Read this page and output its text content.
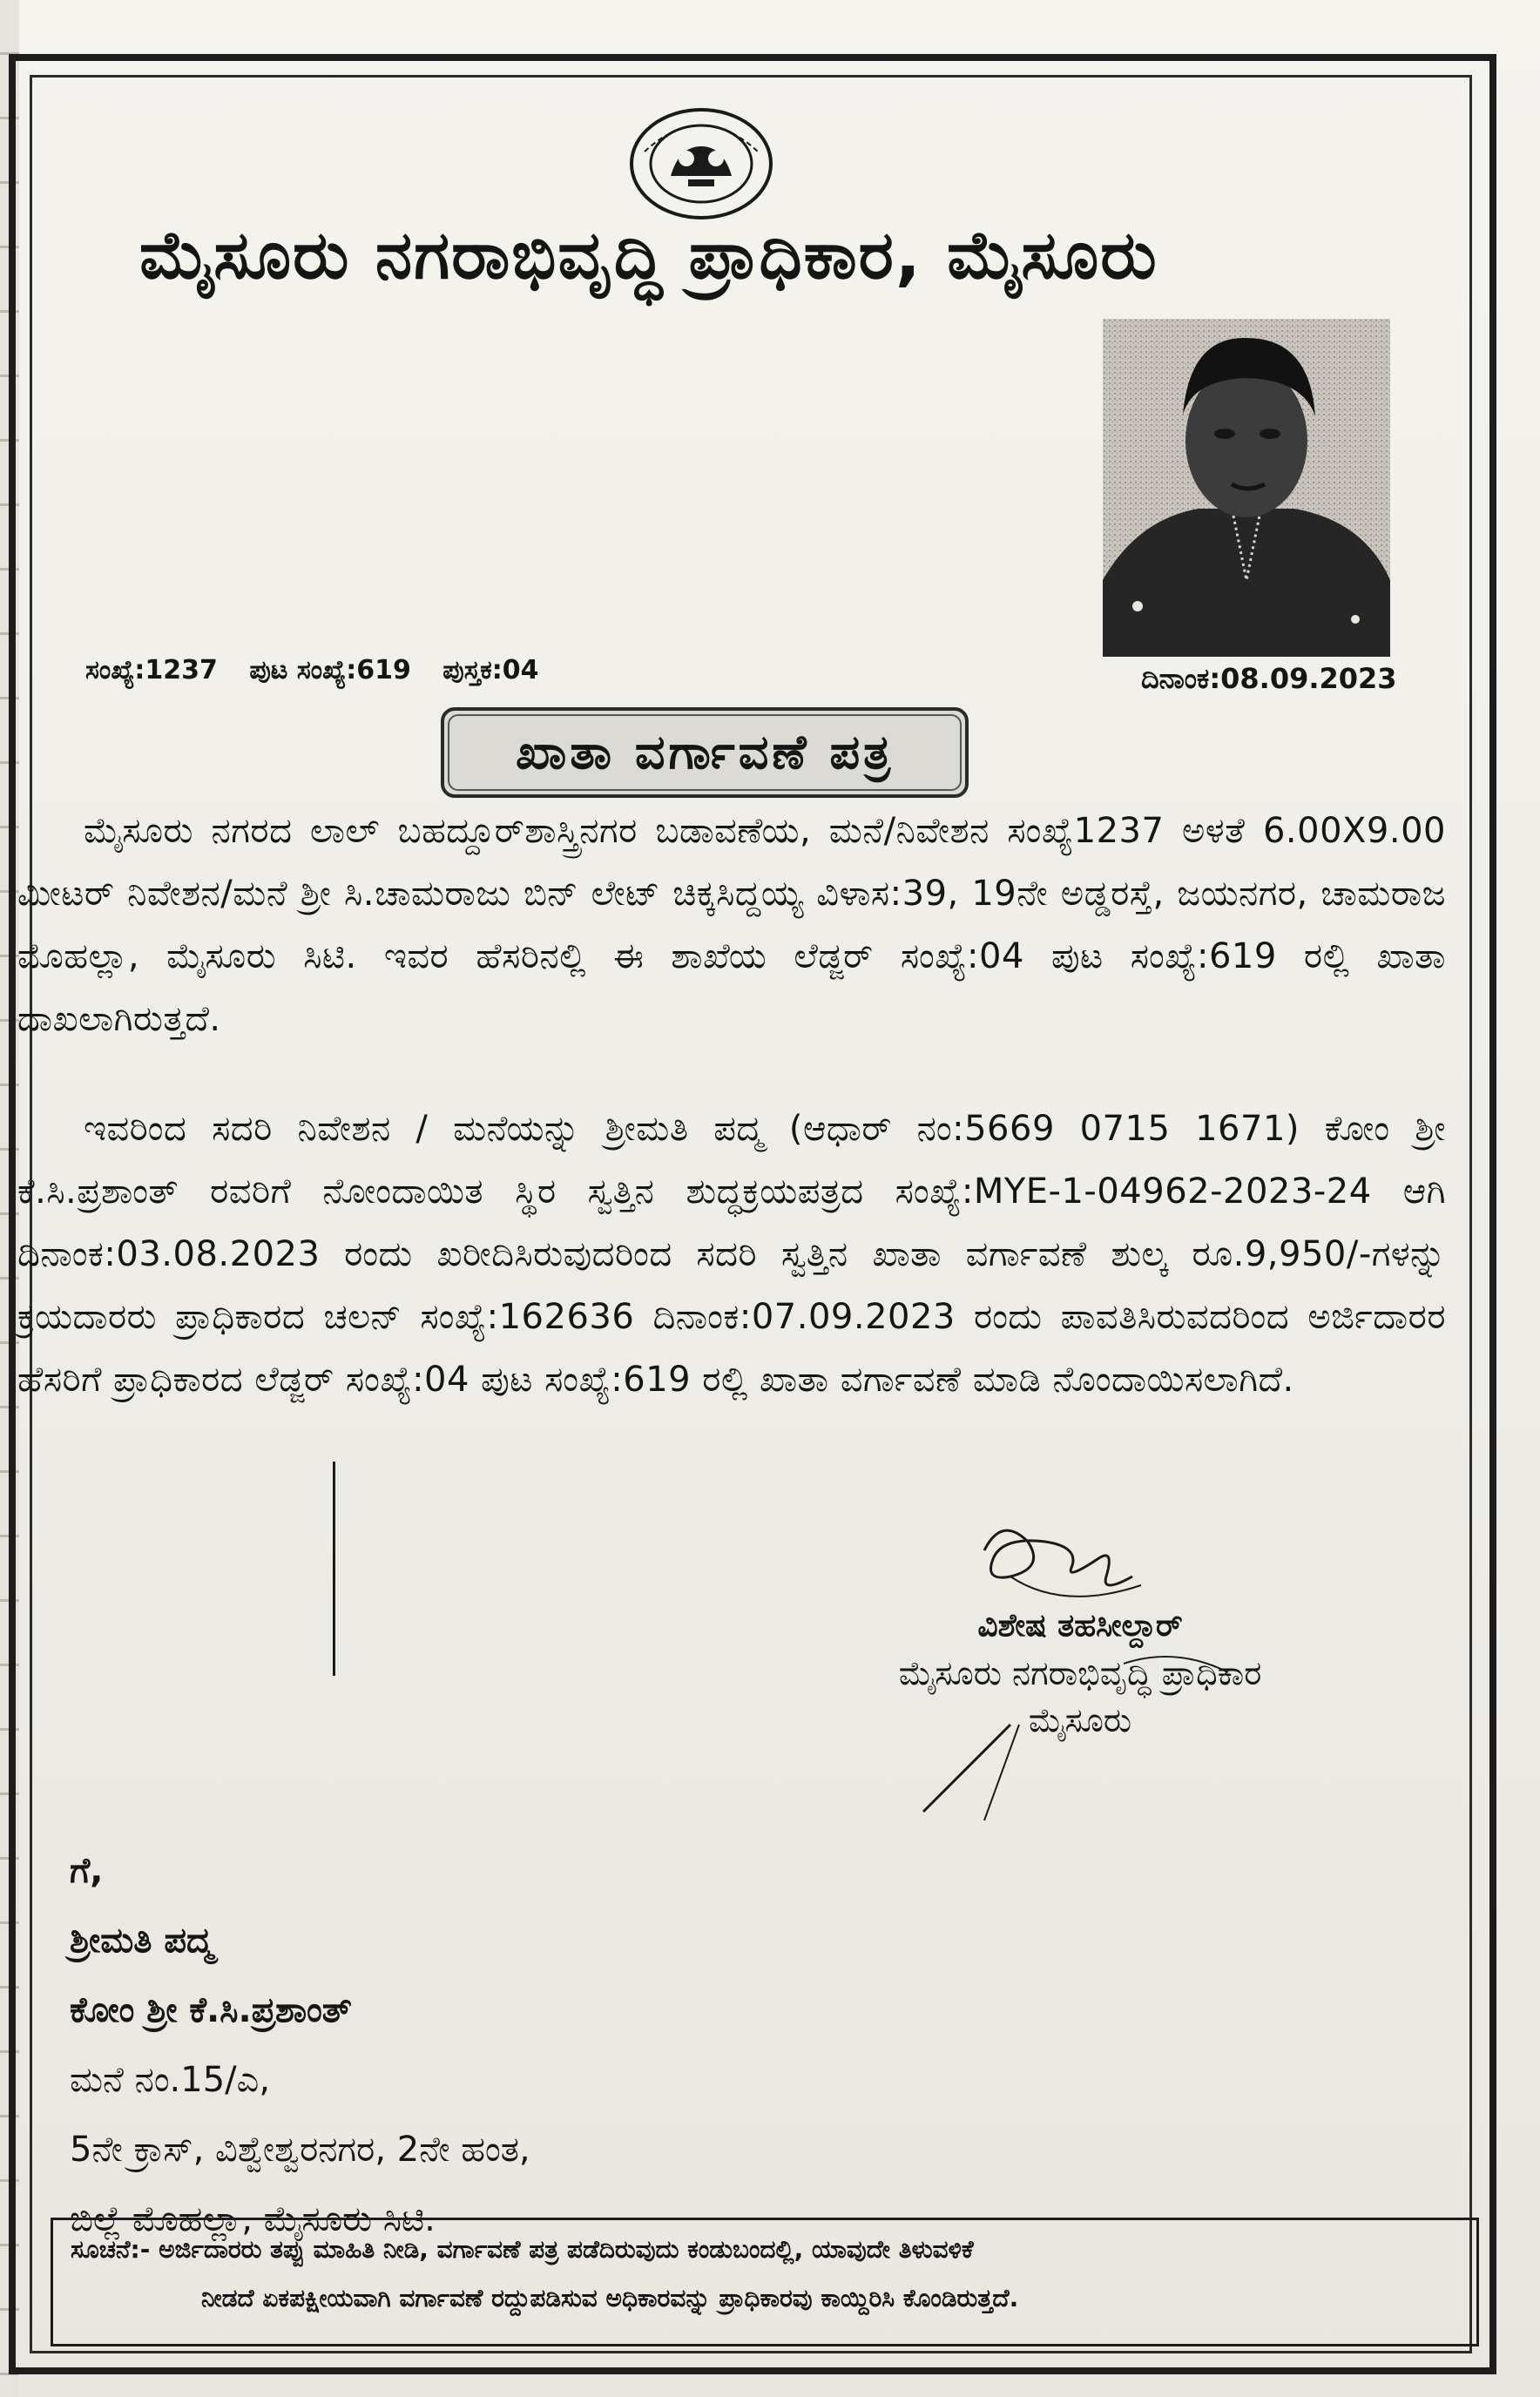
ಮೈಸೂರು ನಗರಾಭಿವೃದ್ಧಿ ಪ್ರಾಧಿಕಾರ, ಮೈಸೂರು
ಸಂಖ್ಯೆ:1237 ಪುಟ ಸಂಖ್ಯೆ:619 ಪುಸ್ತಕ:04	ದಿನಾಂಕ:08.09.2023
ಖಾತಾ ವರ್ಗಾವಣೆ ಪತ್ರ
ಮೈಸೂರು ನಗರದ ಲಾಲ್ ಬಹದ್ದೂರ್‌ಶಾಸ್ತ್ರಿನಗರ ಬಡಾವಣೆಯ, ಮನೆ/ನಿವೇಶನ ಸಂಖ್ಯೆ1237 ಅಳತೆ 6.00X9.00 ಮೀಟರ್ ನಿವೇಶನ/ಮನೆ ಶ್ರೀ ಸಿ.ಚಾಮರಾಜು ಬಿನ್ ಲೇಟ್ ಚಿಕ್ಕಸಿದ್ದಯ್ಯ ವಿಳಾಸ:39, 19ನೇ ಅಡ್ಡರಸ್ತೆ, ಜಯನಗರ, ಚಾಮರಾಜ ಮೊಹಲ್ಲಾ, ಮೈಸೂರು ಸಿಟಿ. ಇವರ ಹೆಸರಿನಲ್ಲಿ ಈ ಶಾಖೆಯ ಲೆಡ್ಜರ್ ಸಂಖ್ಯೆ:04 ಪುಟ ಸಂಖ್ಯೆ:619 ರಲ್ಲಿ ಖಾತಾ ದಾಖಲಾಗಿರುತ್ತದೆ.
ಇವರಿಂದ ಸದರಿ ನಿವೇಶನ / ಮನೆಯನ್ನು ಶ್ರೀಮತಿ ಪದ್ಮ (ಆಧಾರ್ ನಂ:5669 0715 1671) ಕೋಂ ಶ್ರೀ ಕೆ.ಸಿ.ಪ್ರಶಾಂತ್ ರವರಿಗೆ ನೋಂದಾಯಿತ ಸ್ಥಿರ ಸ್ವತ್ತಿನ ಶುದ್ಧಕ್ರಯಪತ್ರದ ಸಂಖ್ಯೆ:MYE-1-04962-2023-24 ಆಗಿ ದಿನಾಂಕ:03.08.2023 ರಂದು ಖರೀದಿಸಿರುವುದರಿಂದ ಸದರಿ ಸ್ವತ್ತಿನ ಖಾತಾ ವರ್ಗಾವಣೆ ಶುಲ್ಕ ರೂ.9,950/-ಗಳನ್ನು ಕ್ರಯದಾರರು ಪ್ರಾಧಿಕಾರದ ಚಲನ್ ಸಂಖ್ಯೆ:162636 ದಿನಾಂಕ:07.09.2023 ರಂದು ಪಾವತಿಸಿರುವದರಿಂದ ಅರ್ಜಿದಾರರ ಹೆಸರಿಗೆ ಪ್ರಾಧಿಕಾರದ ಲೆಡ್ಜರ್ ಸಂಖ್ಯೆ:04 ಪುಟ ಸಂಖ್ಯೆ:619 ರಲ್ಲಿ ಖಾತಾ ವರ್ಗಾವಣೆ ಮಾಡಿ ನೊಂದಾಯಿಸಲಾಗಿದೆ.
ವಿಶೇಷ ತಹಸೀಲ್ದಾರ್
ಮೈಸೂರು ನಗರಾಭಿವೃದ್ಧಿ ಪ್ರಾಧಿಕಾರ
ಮೈಸೂರು
ಗೆ,
ಶ್ರೀಮತಿ ಪದ್ಮ
ಕೋಂ ಶ್ರೀ ಕೆ.ಸಿ.ಪ್ರಶಾಂತ್
ಮನೆ ನಂ.15/ಎ,
5ನೇ ಕ್ರಾಸ್, ವಿಶ್ವೇಶ್ವರನಗರ, 2ನೇ ಹಂತ,
ಬಿಲ್ಲೆ ಮೊಹಲ್ಲಾ, ಮೈಸೂರು ಸಿಟಿ.
ಸೂಚನೆ:- ಅರ್ಜಿದಾರರು ತಪ್ಪು ಮಾಹಿತಿ ನೀಡಿ, ವರ್ಗಾವಣೆ ಪತ್ರ ಪಡೆದಿರುವುದು ಕಂಡುಬಂದಲ್ಲಿ, ಯಾವುದೇ ತಿಳುವಳಿಕೆ
ನೀಡದೆ ಏಕಪಕ್ಷೀಯವಾಗಿ ವರ್ಗಾವಣೆ ರದ್ದುಪಡಿಸುವ ಅಧಿಕಾರವನ್ನು ಪ್ರಾಧಿಕಾರವು ಕಾಯ್ದಿರಿಸಿ ಕೊಂಡಿರುತ್ತದೆ.
